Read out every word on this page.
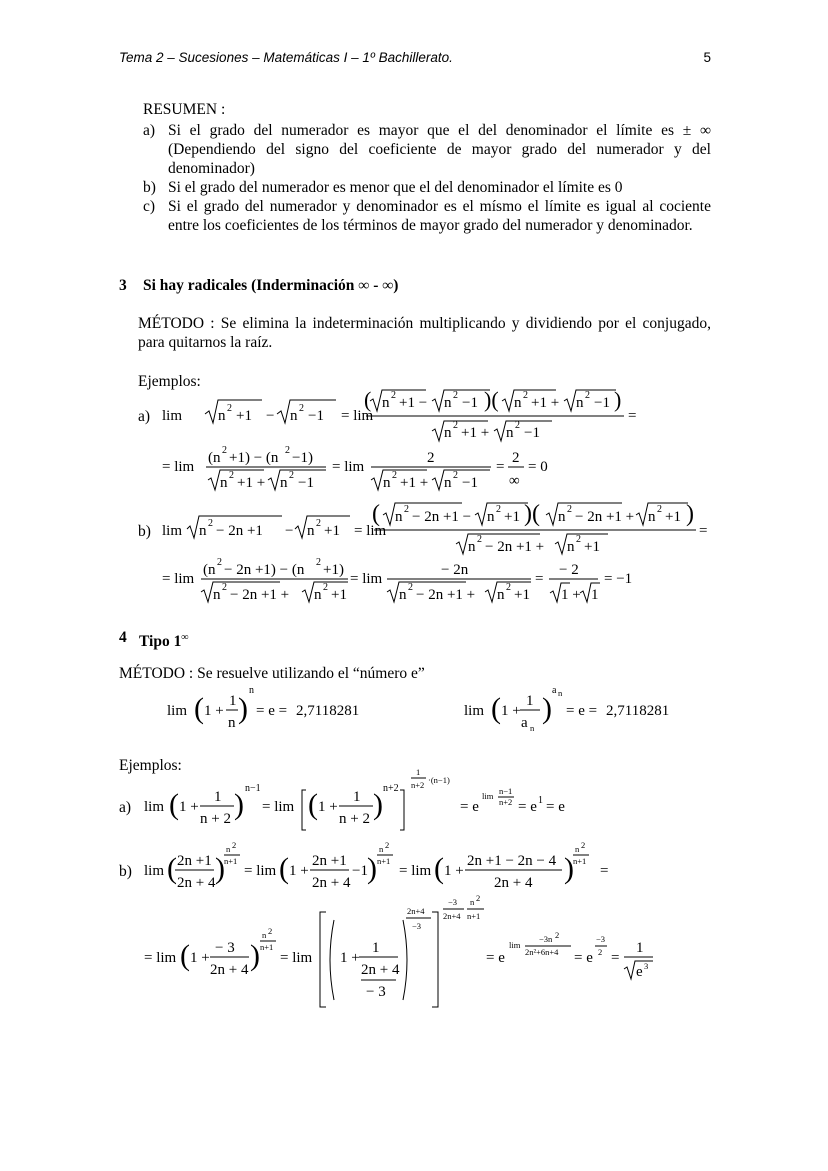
Tema 2 – Sucesiones – Matemáticas I – 1º Bachillerato.	5
RESUMEN :
a) Si el grado del numerador es mayor que el del denominador el límite es ± ∞ (Dependiendo del signo del coeficiente de mayor grado del numerador y del denominador)
b) Si el grado del numerador es menor que el del denominador el límite es 0
c) Si el grado del numerador y denominador es el mísmo el límite es igual al cociente entre los coeficientes de los términos de mayor grado del numerador y denominador.
3 Si hay radicales (Inderminación ∞ - ∞)
MÉTODO : Se elimina la indeterminación multiplicando y dividiendo por el conjugado, para quitarnos la raíz.
Ejemplos:
a)
b)
4 Tipo 1∞
MÉTODO : Se resuelve utilizando el “número e”
Ejemplos:
a)
b)
lim n 2 +1 − n 2 −1 = lim
( n 2 +1 − n 2 −1 )( n 2 +1 + n 2 −1 )
n 2 +1 + n 2 −1
=
= lim
(n 2 +1) − (n 2 −1)
n 2 +1 + n 2 −1
= lim
2
n 2 +1 + n 2 −1
=
2
∞
= 0
lim n 2 − 2n +1 − n 2 +1 = lim
( n 2 − 2n +1 − n 2 +1 )( n 2 − 2n +1 + n 2 +1 )
n 2 − 2n +1 + n 2 +1
=
= lim
(n 2 − 2n +1) − (n 2 +1)
n 2 − 2n +1 + n 2 +1
= lim
− 2n
n 2 − 2n +1 + n 2 +1
=
− 2
1 + 1
= −1
lim ( 1 +
1
n )
n
= e = 2,7118281	lim ( 1 +
1
a n
)
a n
= e = 2,7118281
lim ( 1 +
1
n + 2 ) n−1
= lim ( 1 +
1
n + 2 ) n+2
1
n+2 ·(n−1)
= e
lim n−1
n+2 = e 1 = e
lim ( 2n +1
2n + 4 )
n 2
n+1
= lim ( 1 +
2n +1
2n + 4
−1 )
n 2
n+1
= lim ( 1 +
2n +1 − 2n − 4
2n + 4 )
n 2
n+1
=
= lim ( 1 +
− 3
2n + 4 )
n 2
n+1
= lim 1 +
1
2n + 4
− 3
2n+4
−3
−3
2n+4
n 2
n+1
= e
lim
−3n 2
2n²+6n+4 = e
−3
2 =
1
e 3
